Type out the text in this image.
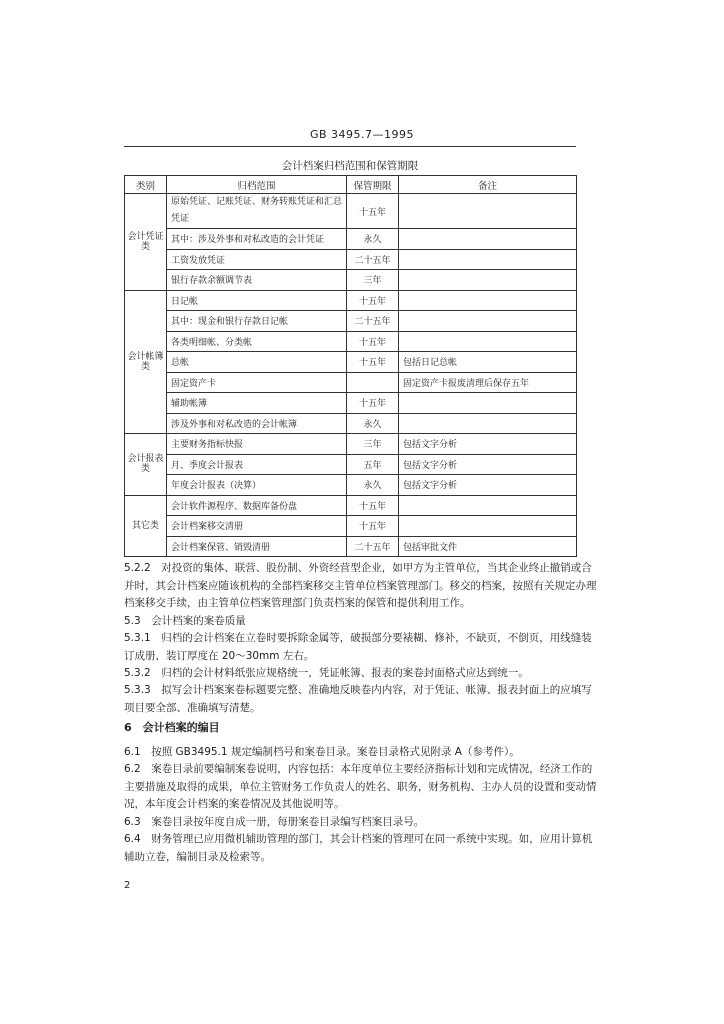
GB 3495.7—1995
会计档案归档范围和保管期限
类别	归档范围	保管期限	备注
会计凭证类	原始凭证、记账凭证、财务转账凭证和汇总凭证	十五年	
	其中：涉及外事和对私改造的会计凭证	永久	
	工资发放凭证	二十五年	
	银行存款余额调节表	三年	
会计帐簿类	日记帐	十五年	
	其中：现金和银行存款日记帐	二十五年	
	各类明细帐、分类帐	十五年	
	总帐	十五年	包括日记总帐
	固定资产卡		固定资产卡报废清理后保存五年
	辅助帐簿	十五年	
	涉及外事和对私改造的会计帐簿	永久	
会计报表类	主要财务指标快报	三年	包括文字分析
	月、季度会计报表	五年	包括文字分析
	年度会计报表（决算）	永久	包括文字分析
其它类	会计软件源程序、数据库备份盘	十五年	
	会计档案移交清册	十五年	
	会计档案保管、销毁清册	二十五年	包括审批文件
5.2.2　对投资的集体、联营、股份制、外资经营型企业，如甲方为主管单位，当其企业终止撤销或合并时，其会计档案应随该机构的全部档案移交主管单位档案管理部门。移交的档案，按照有关规定办理档案移交手续，由主管单位档案管理部门负责档案的保管和提供利用工作。
5.3　会计档案的案卷质量
5.3.1　归档的会计档案在立卷时要拆除金属等，破损部分要裱糊、修补，不缺页，不倒页，用线缝装订成册，装订厚度在 20～30mm 左右。
5.3.2　归档的会计材料纸张应规格统一，凭证帐簿、报表的案卷封面格式应达到统一。
5.3.3　拟写会计档案案卷标题要完整、准确地反映卷内内容，对于凭证、帐簿、报表封面上的应填写项目要全部、准确填写清楚。
6　会计档案的编目
6.1　按照 GB3495.1 规定编制档号和案卷目录。案卷目录格式见附录 A（参考件）。
6.2　案卷目录前要编制案卷说明，内容包括：本年度单位主要经济指标计划和完成情况，经济工作的主要措施及取得的成果，单位主管财务工作负责人的姓名、职务，财务机构、主办人员的设置和变动情况，本年度会计档案的案卷情况及其他说明等。
6.3　案卷目录按年度自成一册，每册案卷目录编写档案目录号。
6.4　财务管理已应用微机辅助管理的部门，其会计档案的管理可在同一系统中实现。如，应用计算机辅助立卷，编制目录及检索等。
2
